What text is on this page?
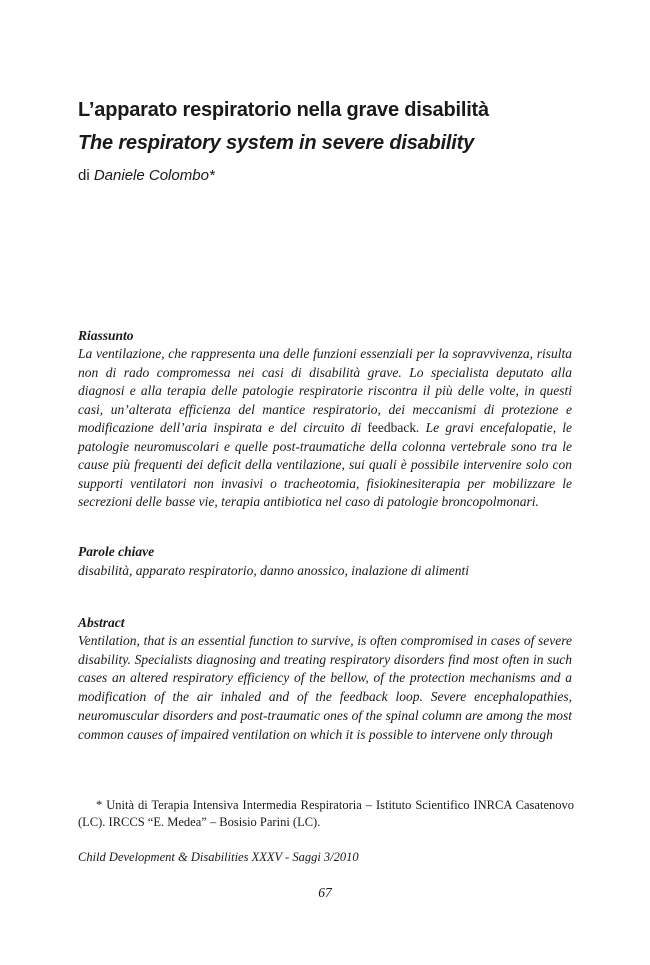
L’apparato respiratorio nella grave disabilità
The respiratory system in severe disability

di Daniele Colombo*

Riassunto

La ventilazione, che rappresenta una delle funzioni essenziali per la sopravvivenza, risulta non di rado compromessa nei casi di disabilità grave. Lo specialista deputato alla diagnosi e alla terapia delle patologie respiratorie riscontra il più delle volte, in questi casi, un’alterata efficienza del mantice respiratorio, dei meccanismi di protezione e modificazione dell’aria inspirata e del circuito di feedback. Le gravi encefalopatie, le patologie neuromuscolari e quelle post-traumatiche della colonna vertebrale sono tra le cause più frequenti dei deficit della ventilazione, sui quali è possibile intervenire solo con supporti ventilatori non invasivi o tracheotomia, fisiokinesiterapia per mobilizzare le secrezioni delle basse vie, terapia antibiotica nel caso di patologie broncopolmonari.

Parole chiave

disabilità, apparato respiratorio, danno anossico, inalazione di alimenti

Abstract

Ventilation, that is an essential function to survive, is often compromised in cases of severe disability. Specialists diagnosing and treating respiratory disorders find most often in such cases an altered respiratory efficiency of the bellow, of the protection mechanisms and a modification of the air inhaled and of the feedback loop. Severe encephalopathies, neuromuscular disorders and post-traumatic ones of the spinal column are among the most common causes of impaired ventilation on which it is possible to intervene only through

* Unità di Terapia Intensiva Intermedia Respiratoria – Istituto Scientifico INRCA Casatenovo (LC). IRCCS “E. Medea” – Bosisio Parini (LC).

Child Development & Disabilities XXXV - Saggi 3/2010

67
